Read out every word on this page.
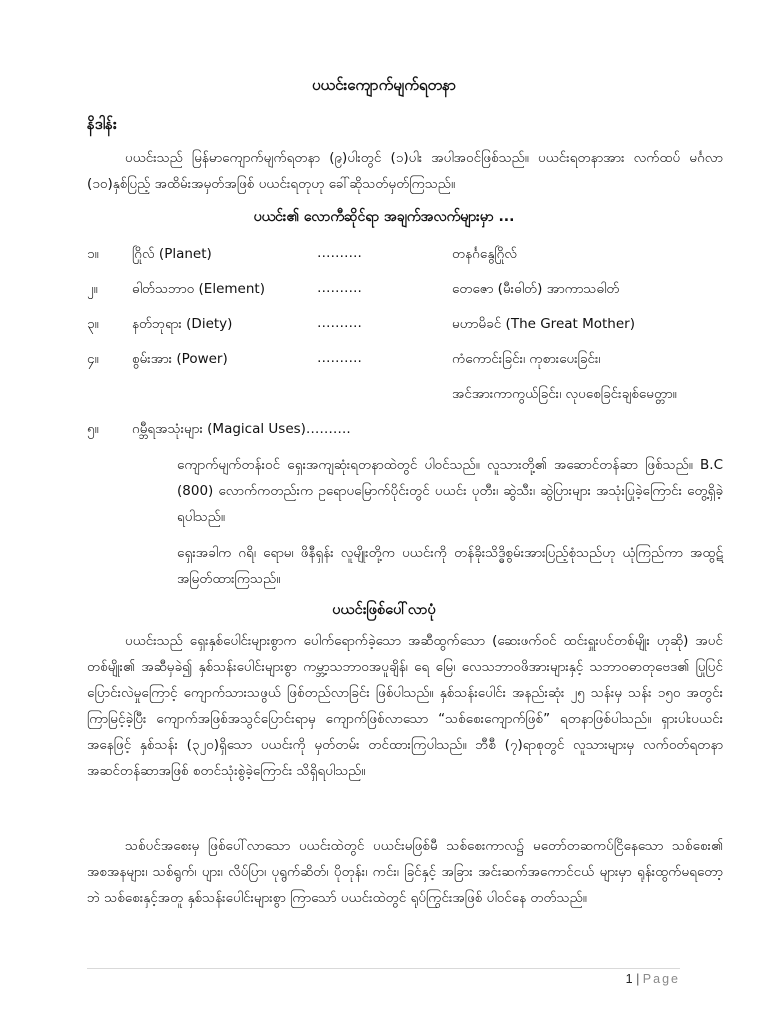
ပယင်းကျောက်မျက်ရတနာ
နိဒါန်း
ပယင်းသည် မြန်မာကျောက်မျက်ရတနာ (၉)ပါးတွင် (၁)ပါး အပါအဝင်ဖြစ်သည်။ ပယင်းရတနာအား လက်ထပ် မင်္ဂလာ (၁၀)နှစ်ပြည့် အထိမ်းအမှတ်အဖြစ် ပယင်းရတုဟု ခေါ်ဆိုသတ်မှတ်ကြသည်။
ပယင်း၏ လောကီဆိုင်ရာ အချက်အလက်များမှာ ...
၁။	ဂြိုလ် (Planet)	……….	တနင်္ဂနွေဂြိုလ်
၂။	ဓါတ်သဘာဝ (Element)	……….	တေဇော (မီးဓါတ်) အာကာသဓါတ်
၃။	နတ်ဘုရား (Diety)	……….	မဟာမိခင် (The Great Mother)
၄။	စွမ်းအား (Power)	……….	ကံကောင်းခြင်း၊ ကုစားပေးခြင်း၊
အင်အားကာကွယ်ခြင်း၊ လုပစေခြင်းချစ်မေတ္တာ။
၅။	ဂမ္ဘီရအသုံးများ (Magical Uses)……….
ကျောက်မျက်တန်းဝင် ရှေးအကျဆုံးရတနာထဲတွင် ပါဝင်သည်။ လူသားတို့၏ အဆောင်တန်ဆာ ဖြစ်သည်။ B.C (800) လောက်ကတည်းက ဥရောပမြောက်ပိုင်းတွင် ပယင်း ပုတီး၊ ဆွဲသီး၊ ဆွဲပြားများ အသုံးပြုခဲ့ကြောင်း တွေ့ရှိခဲ့ရပါသည်။
ရှေးအခါက ဂရိ၊ ရောမ၊ ဖိနီရှန်း လူမျိုးတို့က ပယင်းကို တန်ခိုးသိဒ္ဓိစွမ်းအားပြည့်စုံသည်ဟု ယုံကြည်ကာ အထွဋ်အမြတ်ထားကြသည်။
ပယင်းဖြစ်ပေါ်လာပုံ
ပယင်းသည် ရှေးနှစ်ပေါင်းများစွာက ပေါက်ရောက်ခဲ့သော အဆီထွက်သော (ဆေးဖက်ဝင် ထင်းရှူးပင်တစ်မျိုး ဟုဆို) အပင်တစ်မျိုး၏ အဆီမှခဲ၍ နှစ်သန်းပေါင်းများစွာ ကမ္ဘာ့သဘာဝအပူချိန်၊ ရေ မြေ၊ လေသဘာဝဖိအားများနှင့် သဘာဝဓာတုဗေဒ၏ ပြုပြင်ပြောင်းလဲမှုကြောင့် ကျောက်သားသဖွယ် ဖြစ်တည်လာခြင်း ဖြစ်ပါသည်။ နှစ်သန်းပေါင်း အနည်းဆုံး ၂၅ သန်းမှ သန်း ၁၅၀ အတွင်း ကြာမြင့်ခဲ့ပြီး ကျောက်အဖြစ်အသွင်ပြောင်းရာမှ ကျောက်ဖြစ်လာသော “သစ်စေးကျောက်ဖြစ်” ရတနာဖြစ်ပါသည်။ ရှားပါးပယင်းအနေဖြင့် နှစ်သန်း (၃၂၀)ရှိသော ပယင်းကို မှတ်တမ်း တင်ထားကြပါသည်။ ဘီစီ (၇)ရာစုတွင် လူသားများမှ လက်ဝတ်ရတနာ အဆင်တန်ဆာအဖြစ် စတင်သုံးစွဲခဲ့ကြောင်း သိရှိရပါသည်။
သစ်ပင်အစေးမှ ဖြစ်ပေါ်လာသော ပယင်းထဲတွင် ပယင်းမဖြစ်မီ သစ်စေးကာလ၌ မတော်တဆကပ်ငြိနေသော သစ်စေး၏ အစအနများ၊ သစ်ရွက်၊ ပျား၊ လိပ်ပြာ၊ ပုရွက်ဆိတ်၊ ပိုတုန်း၊ ကင်း၊ ခြင်နှင့် အခြား အင်းဆက်အကောင်ငယ် များမှာ ရုန်းထွက်မရတော့ဘဲ သစ်စေးနှင့်အတူ နှစ်သန်းပေါင်းများစွာ ကြာသော် ပယင်းထဲတွင် ရုပ်ကြွင်းအဖြစ် ပါဝင်နေ တတ်သည်။
1 | Page
